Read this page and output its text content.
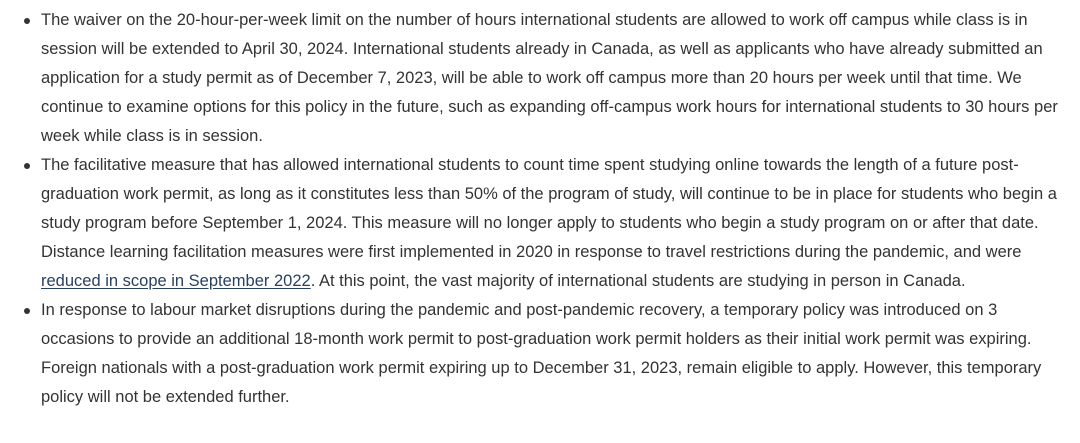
The waiver on the 20-hour-per-week limit on the number of hours international students are allowed to work off campus while class is in session will be extended to April 30, 2024. International students already in Canada, as well as applicants who have already submitted an application for a study permit as of December 7, 2023, will be able to work off campus more than 20 hours per week until that time. We continue to examine options for this policy in the future, such as expanding off-campus work hours for international students to 30 hours per week while class is in session.
The facilitative measure that has allowed international students to count time spent studying online towards the length of a future post-graduation work permit, as long as it constitutes less than 50% of the program of study, will continue to be in place for students who begin a study program before September 1, 2024. This measure will no longer apply to students who begin a study program on or after that date. Distance learning facilitation measures were first implemented in 2020 in response to travel restrictions during the pandemic, and were reduced in scope in September 2022. At this point, the vast majority of international students are studying in person in Canada.
In response to labour market disruptions during the pandemic and post-pandemic recovery, a temporary policy was introduced on 3 occasions to provide an additional 18-month work permit to post-graduation work permit holders as their initial work permit was expiring. Foreign nationals with a post-graduation work permit expiring up to December 31, 2023, remain eligible to apply. However, this temporary policy will not be extended further.
